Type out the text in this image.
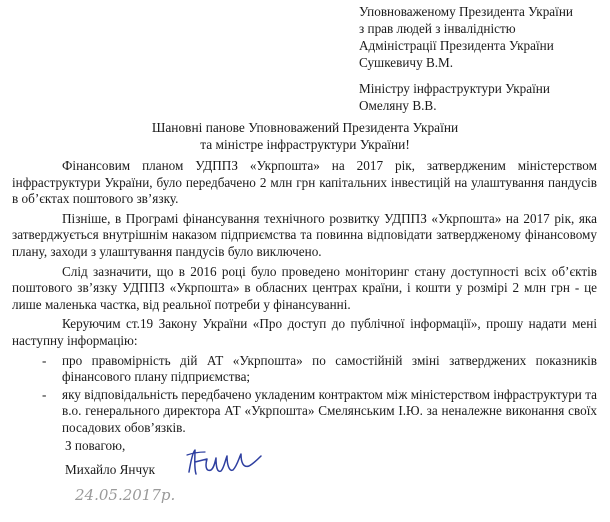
Уповноваженому Президента України
з прав людей з інвалідністю
Адміністрації Президента України
Сушкевичу В.М.
Міністру інфраструктури України
Омеляну В.В.
Шановні панове Уповноважений Президента України
та міністре інфраструктури України!

Фінансовим планом УДППЗ «Укрпошта» на 2017 рік, затвердженим міністерством інфраструктури України, було передбачено 2 млн грн капітальних інвестицій на улаштування пандусів в об’єктах поштового зв’язку.

Пізніше, в Програмі фінансування технічного розвитку УДППЗ «Укрпошта» на 2017 рік, яка затверджується внутрішнім наказом підприємства та повинна відповідати затвердженому фінансовому плану, заходи з улаштування пандусів було виключено.

Слід зазначити, що в 2016 році було проведено моніторинг стану доступності всіх об’єктів поштового зв’язку УДППЗ «Укрпошта» в обласних центрах країни, і кошти у розмірі 2 млн грн - це лише маленька частка, від реальної потреби у фінансуванні.

Керуючим ст.19 Закону України «Про доступ до публічної інформації», прошу надати мені наступну інформацію:

- про правомірність дій АТ «Укрпошта» по самостійній зміні затверджених показників фінансового плану підприємства;
- яку відповідальність передбачено укладеним контрактом між міністерством інфраструктури та в.о. генерального директора АТ «Укрпошта» Смелянським І.Ю. за неналежне виконання своїх посадових обов’язків.
З повагою,
Михайло Янчук
24.05.2017р.
